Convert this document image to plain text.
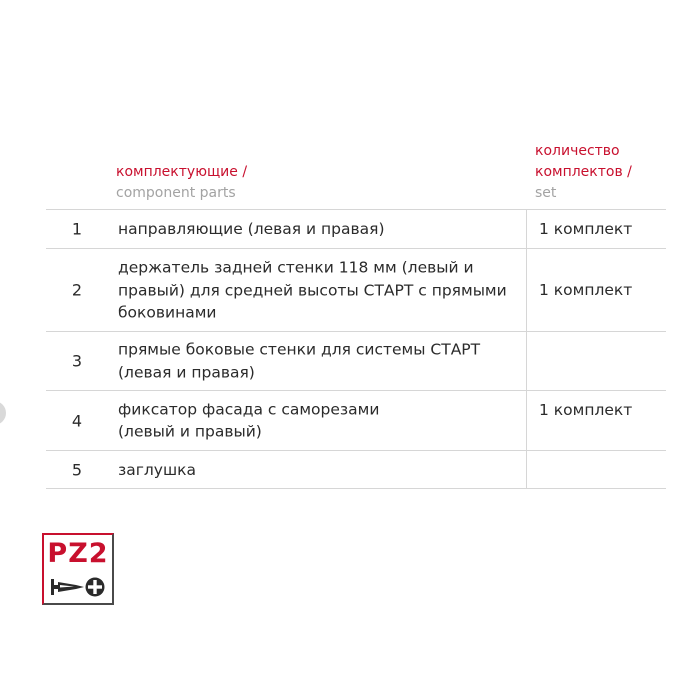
комплектующие /
component parts
количество
комплектов /
set
1	направляющие (левая и правая)
2
держатель задней стенки 118 мм (левый и
правый) для средней высоты СТАРТ с прямыми
боковинами
3
прямые боковые стенки для системы СТАРТ
(левая и правая)
4
фиксатор фасада с саморезами
(левый и правый)
5	заглушка
1 комплект
1 комплект
1 комплект
PZ2
